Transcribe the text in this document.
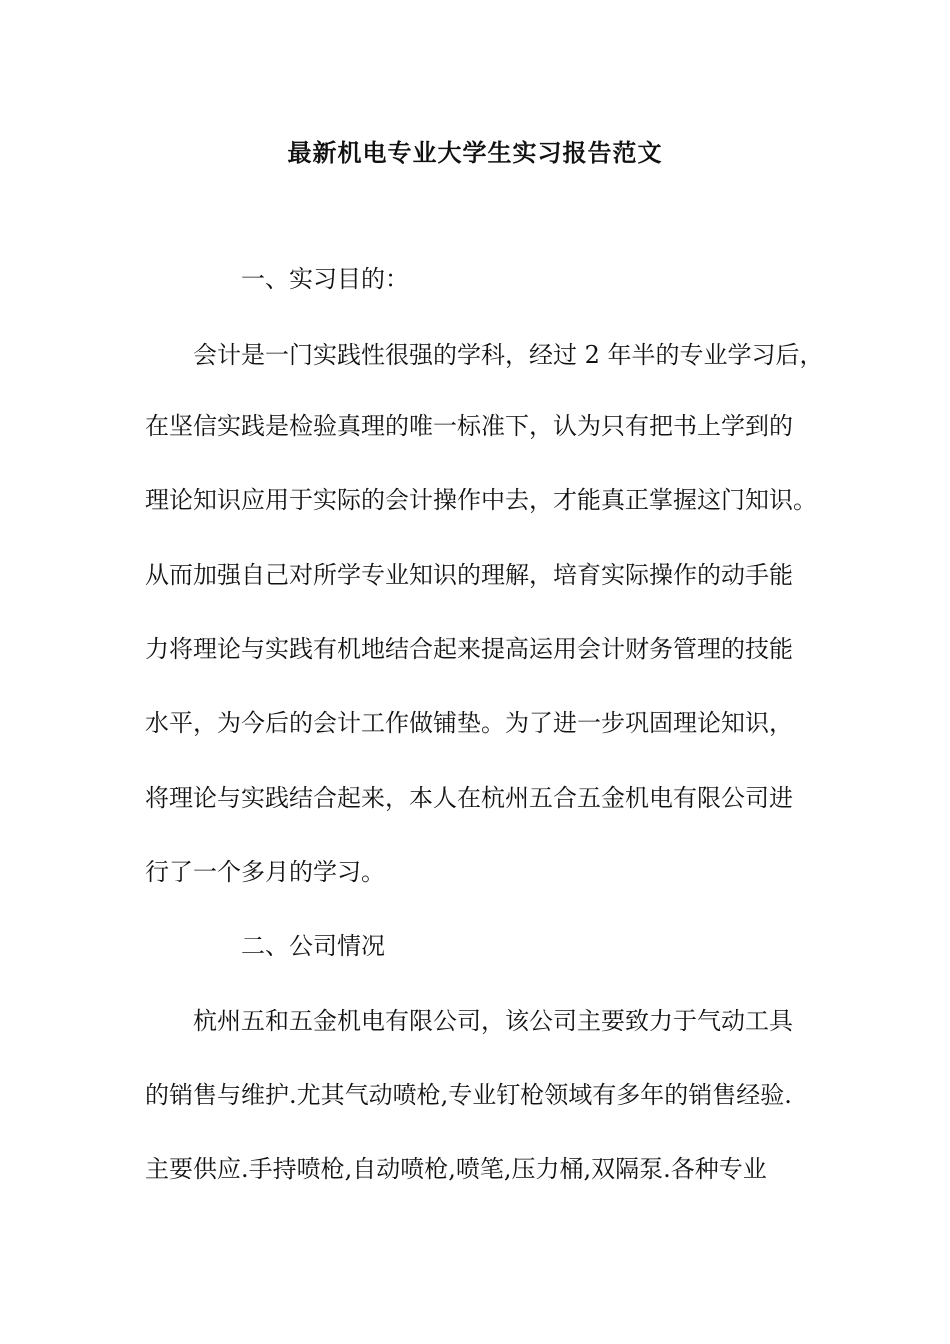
最新机电专业大学生实习报告范文
一、实习目的：
会计是一门实践性很强的学科，经过 2 年半的专业学习后，
在坚信实践是检验真理的唯一标准下，认为只有把书上学到的
理论知识应用于实际的会计操作中去，才能真正掌握这门知识。
从而加强自己对所学专业知识的理解，培育实际操作的动手能
力将理论与实践有机地结合起来提高运用会计财务管理的技能
水平，为今后的会计工作做铺垫。为了进一步巩固理论知识，
将理论与实践结合起来，本人在杭州五合五金机电有限公司进
行了一个多月的学习。
二、公司情况
杭州五和五金机电有限公司，该公司主要致力于气动工具
的销售与维护.尤其气动喷枪,专业钉枪领域有多年的销售经验.
主要供应.手持喷枪,自动喷枪,喷笔,压力桶,双隔泵.各种专业
